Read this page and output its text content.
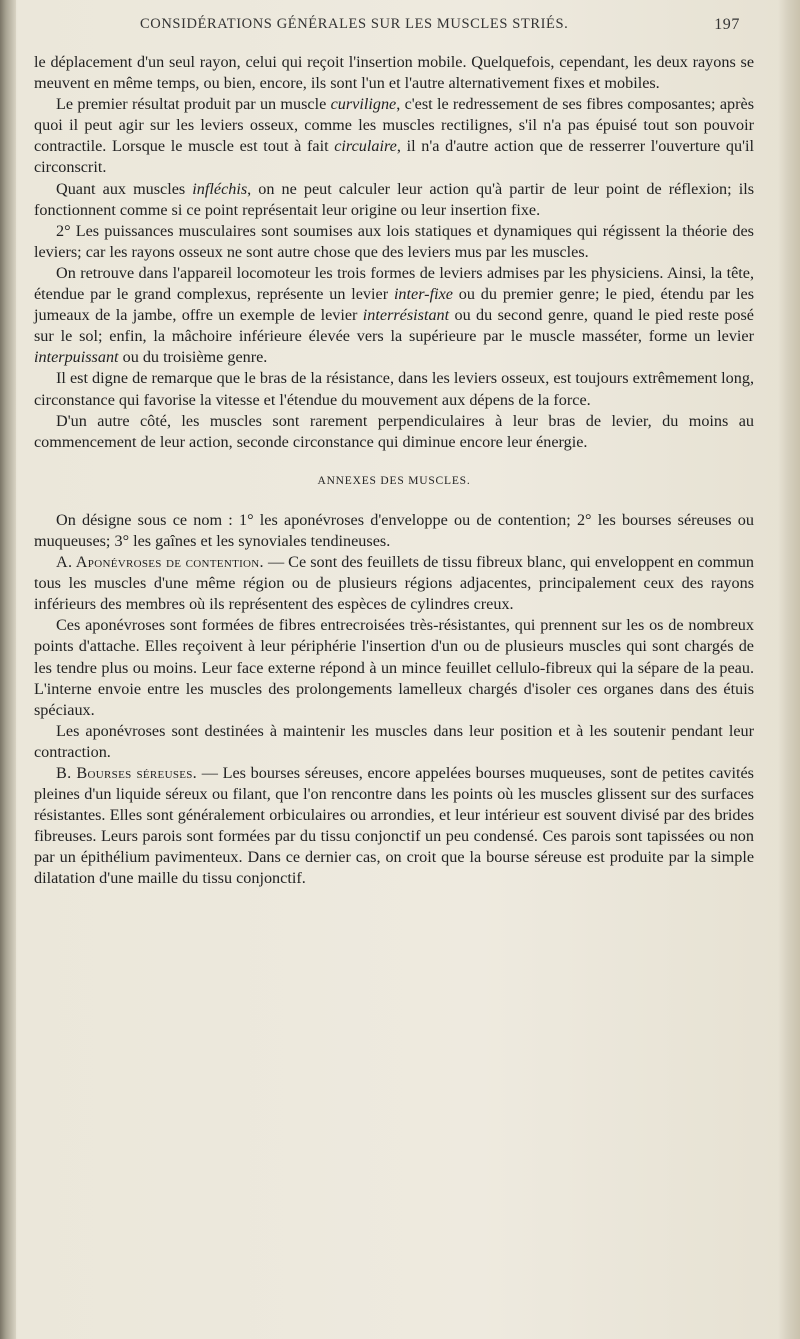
CONSIDÉRATIONS GÉNÉRALES SUR LES MUSCLES STRIÉS.	197

le déplacement d'un seul rayon, celui qui reçoit l'insertion mobile. Quelquefois, cependant, les deux rayons se meuvent en même temps, ou bien, encore, ils sont l'un et l'autre alternativement fixes et mobiles.

Le premier résultat produit par un muscle curviligne, c'est le redressement de ses fibres composantes; après quoi il peut agir sur les leviers osseux, comme les muscles rectilignes, s'il n'a pas épuisé tout son pouvoir contractile. Lorsque le muscle est tout à fait circulaire, il n'a d'autre action que de resserrer l'ouverture qu'il circonscrit.

Quant aux muscles infléchis, on ne peut calculer leur action qu'à partir de leur point de réflexion; ils fonctionnent comme si ce point représentait leur origine ou leur insertion fixe.

2° Les puissances musculaires sont soumises aux lois statiques et dynamiques qui régissent la théorie des leviers; car les rayons osseux ne sont autre chose que des leviers mus par les muscles.

On retrouve dans l'appareil locomoteur les trois formes de leviers admises par les physiciens. Ainsi, la tête, étendue par le grand complexus, représente un levier inter-fixe ou du premier genre; le pied, étendu par les jumeaux de la jambe, offre un exemple de levier interrésistant ou du second genre, quand le pied reste posé sur le sol; enfin, la mâchoire inférieure élevée vers la supérieure par le muscle masséter, forme un levier interpuissant ou du troisième genre.

Il est digne de remarque que le bras de la résistance, dans les leviers osseux, est toujours extrêmement long, circonstance qui favorise la vitesse et l'étendue du mouvement aux dépens de la force.

D'un autre côté, les muscles sont rarement perpendiculaires à leur bras de levier, du moins au commencement de leur action, seconde circonstance qui diminue encore leur énergie.

ANNEXES DES MUSCLES.

On désigne sous ce nom : 1° les aponévroses d'enveloppe ou de contention; 2° les bourses séreuses ou muqueuses; 3° les gaînes et les synoviales tendineuses.

A. Aponévroses de contention. — Ce sont des feuillets de tissu fibreux blanc, qui enveloppent en commun tous les muscles d'une même région ou de plusieurs régions adjacentes, principalement ceux des rayons inférieurs des membres où ils représentent des espèces de cylindres creux.

Ces aponévroses sont formées de fibres entrecroisées très-résistantes, qui prennent sur les os de nombreux points d'attache. Elles reçoivent à leur périphérie l'insertion d'un ou de plusieurs muscles qui sont chargés de les tendre plus ou moins. Leur face externe répond à un mince feuillet cellulo-fibreux qui la sépare de la peau. L'interne envoie entre les muscles des prolongements lamelleux chargés d'isoler ces organes dans des étuis spéciaux.

Les aponévroses sont destinées à maintenir les muscles dans leur position et à les soutenir pendant leur contraction.

B. Bourses séreuses. — Les bourses séreuses, encore appelées bourses muqueuses, sont de petites cavités pleines d'un liquide séreux ou filant, que l'on rencontre dans les points où les muscles glissent sur des surfaces résistantes. Elles sont généralement orbiculaires ou arrondies, et leur intérieur est souvent divisé par des brides fibreuses. Leurs parois sont formées par du tissu conjonctif un peu condensé. Ces parois sont tapissées ou non par un épithélium pavimenteux. Dans ce dernier cas, on croit que la bourse séreuse est produite par la simple dilatation d'une maille du tissu conjonctif.
